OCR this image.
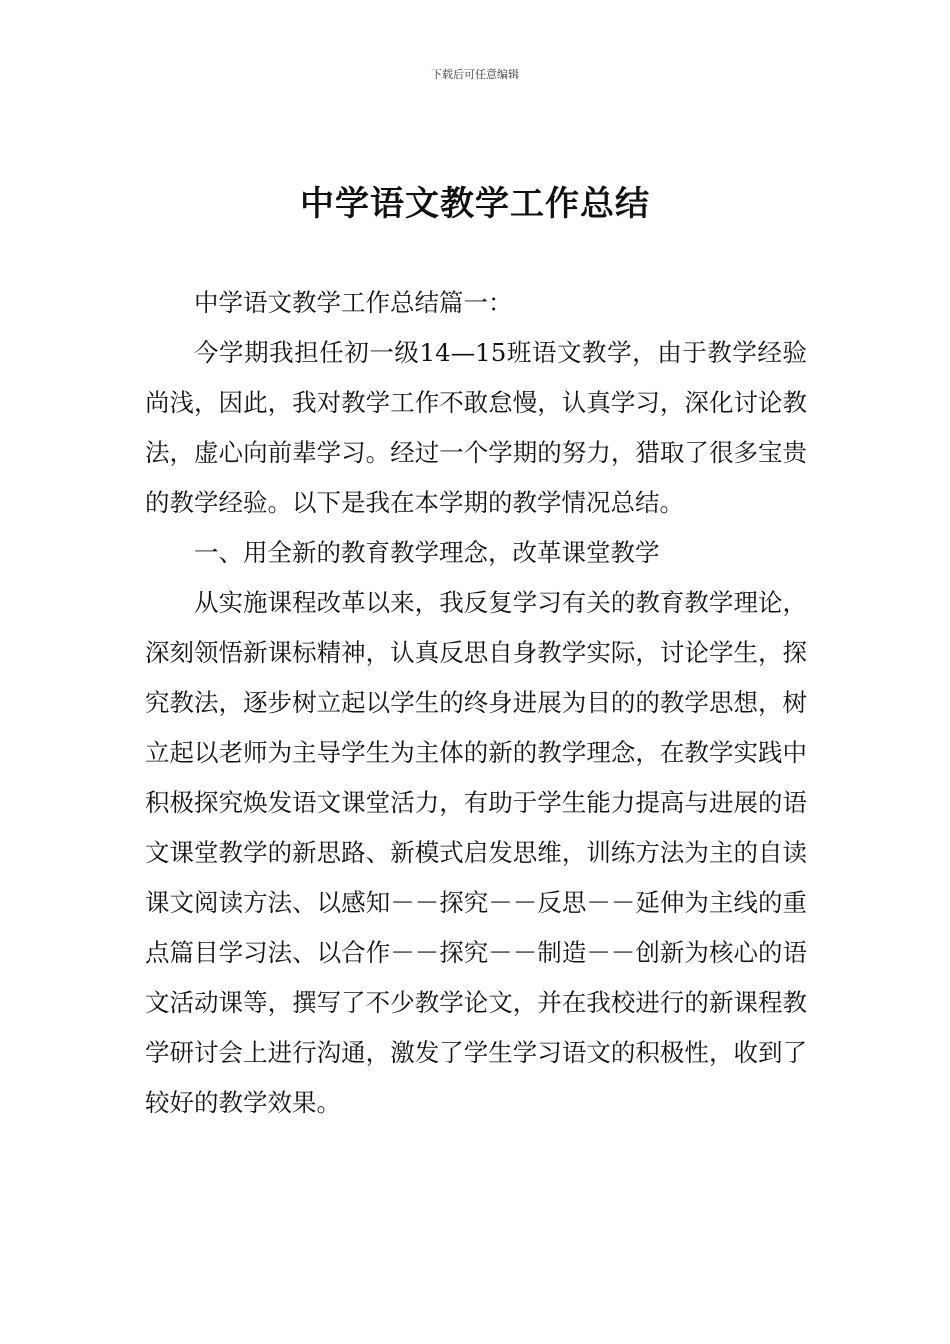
下载后可任意编辑
中学语文教学工作总结

中学语文教学工作总结篇一：

今学期我担任初一级14—15班语文教学，由于教学经验尚浅，因此，我对教学工作不敢怠慢，认真学习，深化讨论教法，虚心向前辈学习。经过一个学期的努力，猎取了很多宝贵的教学经验。以下是我在本学期的教学情况总结。

一、用全新的教育教学理念，改革课堂教学

从实施课程改革以来，我反复学习有关的教育教学理论，深刻领悟新课标精神，认真反思自身教学实际，讨论学生，探究教法，逐步树立起以学生的终身进展为目的的教学思想，树立起以老师为主导学生为主体的新的教学理念，在教学实践中积极探究焕发语文课堂活力，有助于学生能力提高与进展的语文课堂教学的新思路、新模式启发思维，训练方法为主的自读课文阅读方法、以感知－－探究－－反思－－延伸为主线的重点篇目学习法、以合作－－探究－－制造－－创新为核心的语文活动课等，撰写了不少教学论文，并在我校进行的新课程教学研讨会上进行沟通，激发了学生学习语文的积极性，收到了较好的教学效果。
